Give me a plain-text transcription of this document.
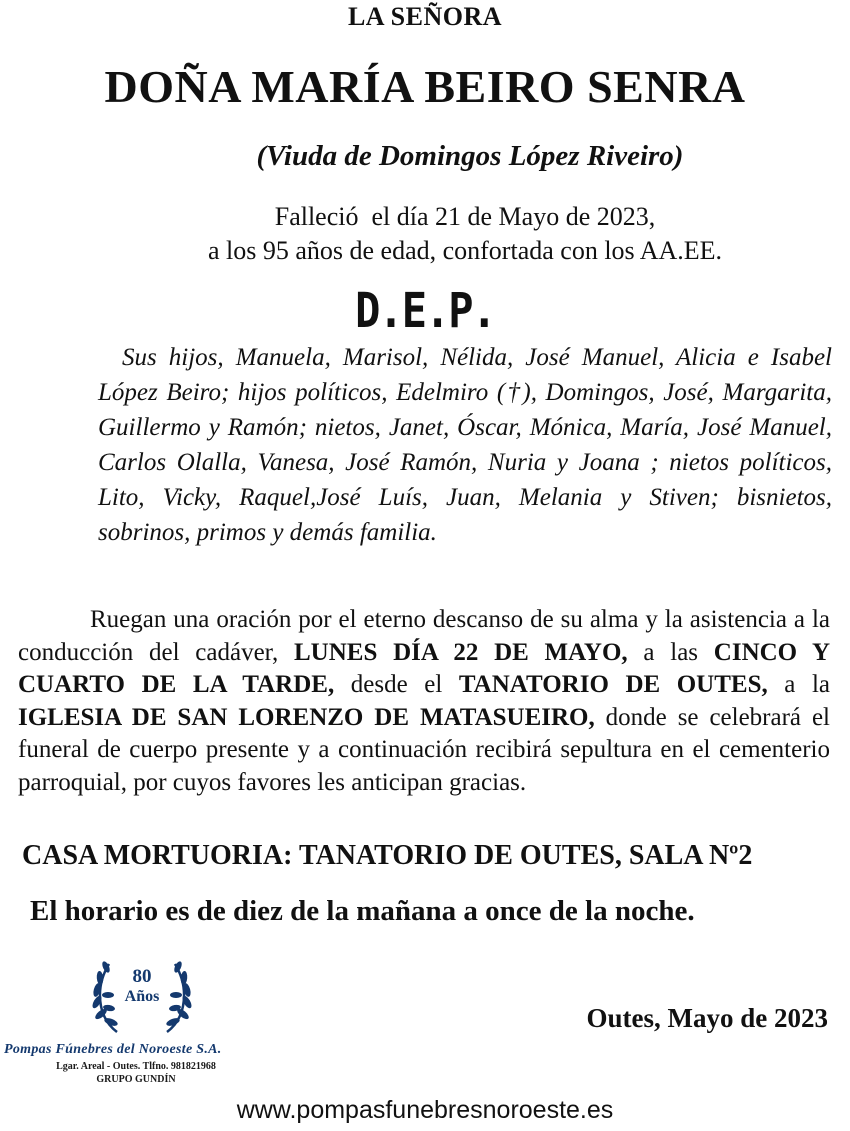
LA SEÑORA
DOÑA MARÍA BEIRO SENRA
(Viuda de Domingos López Riveiro)
Falleció  el día 21 de Mayo de 2023,
a los 95 años de edad, confortada con los AA.EE.
D.E.P.
Sus hijos, Manuela, Marisol, Nélida, José Manuel, Alicia e Isabel López Beiro; hijos políticos, Edelmiro (†), Domingos, José, Margarita, Guillermo y Ramón; nietos, Janet, Óscar, Mónica, María, José Manuel, Carlos Olalla, Vanesa, José Ramón, Nuria y Joana ; nietos políticos, Lito, Vicky, Raquel,José Luís, Juan, Melania y Stiven; bisnietos, sobrinos, primos y demás familia.
Ruegan una oración por el eterno descanso de su alma y la asistencia a la conducción del cadáver, LUNES DÍA 22 DE MAYO, a las CINCO Y CUARTO DE LA TARDE, desde el TANATORIO DE OUTES, a la IGLESIA DE SAN LORENZO DE MATASUEIRO, donde se celebrará el funeral de cuerpo presente y a continuación recibirá sepultura en el cementerio parroquial, por cuyos favores les anticipan gracias.
CASA MORTUORIA: TANATORIO DE OUTES, SALA Nº2
El horario es de diez de la mañana a once de la noche.
80
Años
Pompas Fúnebres del Noroeste S.A.
Lgar. Areal - Outes. Tlfno. 981821968
GRUPO GUNDÍN
Outes, Mayo de 2023
www.pompasfunebresnoroeste.es
